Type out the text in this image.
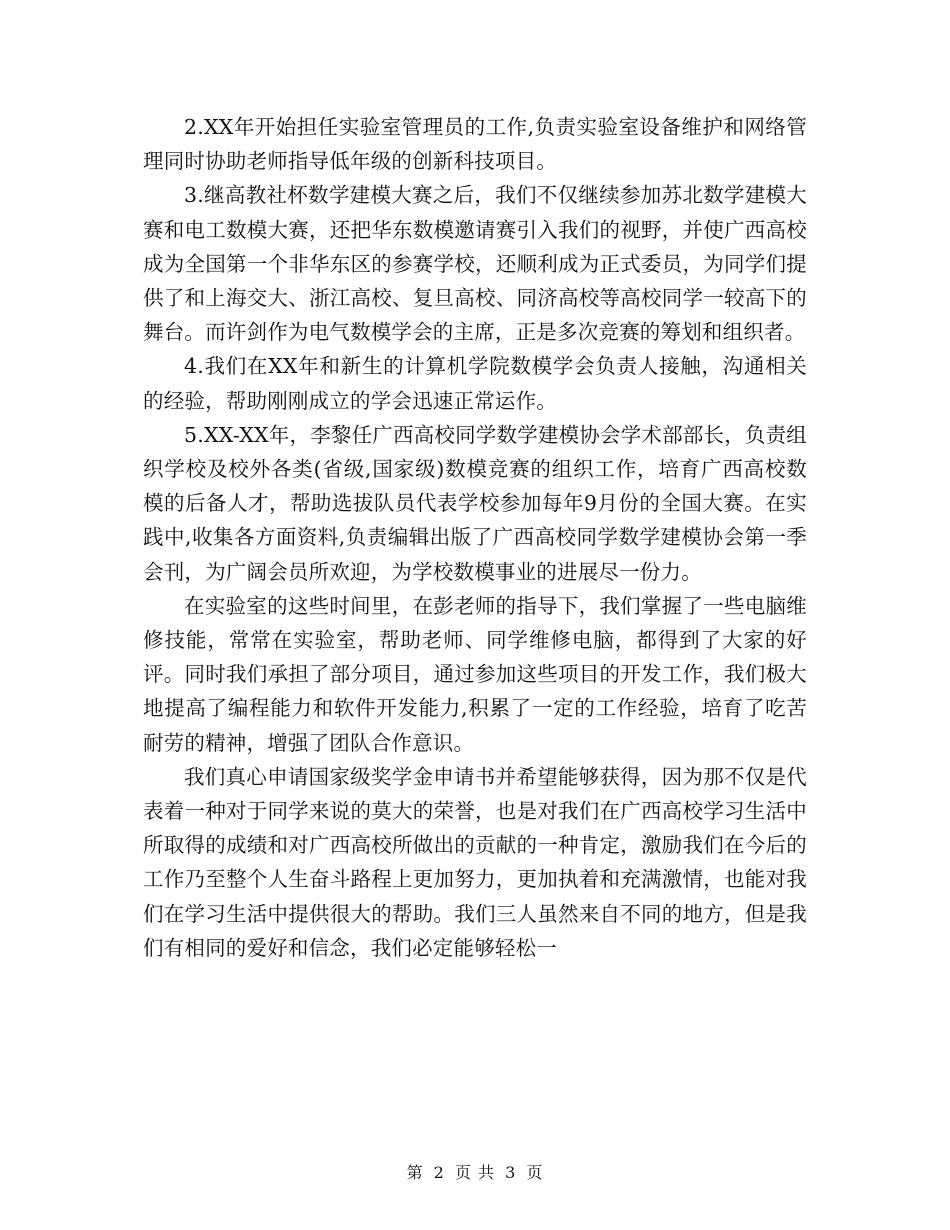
2.XX年开始担任实验室管理员的工作,负责实验室设备维护和网络管理同时协助老师指导低年级的创新科技项目。

3.继高教社杯数学建模大赛之后，我们不仅继续参加苏北数学建模大赛和电工数模大赛，还把华东数模邀请赛引入我们的视野，并使广西高校成为全国第一个非华东区的参赛学校，还顺利成为正式委员，为同学们提供了和上海交大、浙江高校、复旦高校、同济高校等高校同学一较高下的舞台。而许剑作为电气数模学会的主席，正是多次竞赛的筹划和组织者。

4.我们在XX年和新生的计算机学院数模学会负责人接触，沟通相关的经验，帮助刚刚成立的学会迅速正常运作。

5.XX-XX年，李黎任广西高校同学数学建模协会学术部部长，负责组织学校及校外各类(省级,国家级)数模竞赛的组织工作，培育广西高校数模的后备人才，帮助选拔队员代表学校参加每年9月份的全国大赛。在实践中,收集各方面资料,负责编辑出版了广西高校同学数学建模协会第一季会刊，为广阔会员所欢迎，为学校数模事业的进展尽一份力。

在实验室的这些时间里，在彭老师的指导下，我们掌握了一些电脑维修技能，常常在实验室，帮助老师、同学维修电脑，都得到了大家的好评。同时我们承担了部分项目，通过参加这些项目的开发工作，我们极大地提高了编程能力和软件开发能力,积累了一定的工作经验，培育了吃苦耐劳的精神，增强了团队合作意识。

我们真心申请国家级奖学金申请书并希望能够获得，因为那不仅是代表着一种对于同学来说的莫大的荣誉，也是对我们在广西高校学习生活中所取得的成绩和对广西高校所做出的贡献的一种肯定，激励我们在今后的工作乃至整个人生奋斗路程上更加努力，更加执着和充满激情，也能对我们在学习生活中提供很大的帮助。我们三人虽然来自不同的地方，但是我们有相同的爱好和信念，我们必定能够轻松一

第 2 页 共 3 页
